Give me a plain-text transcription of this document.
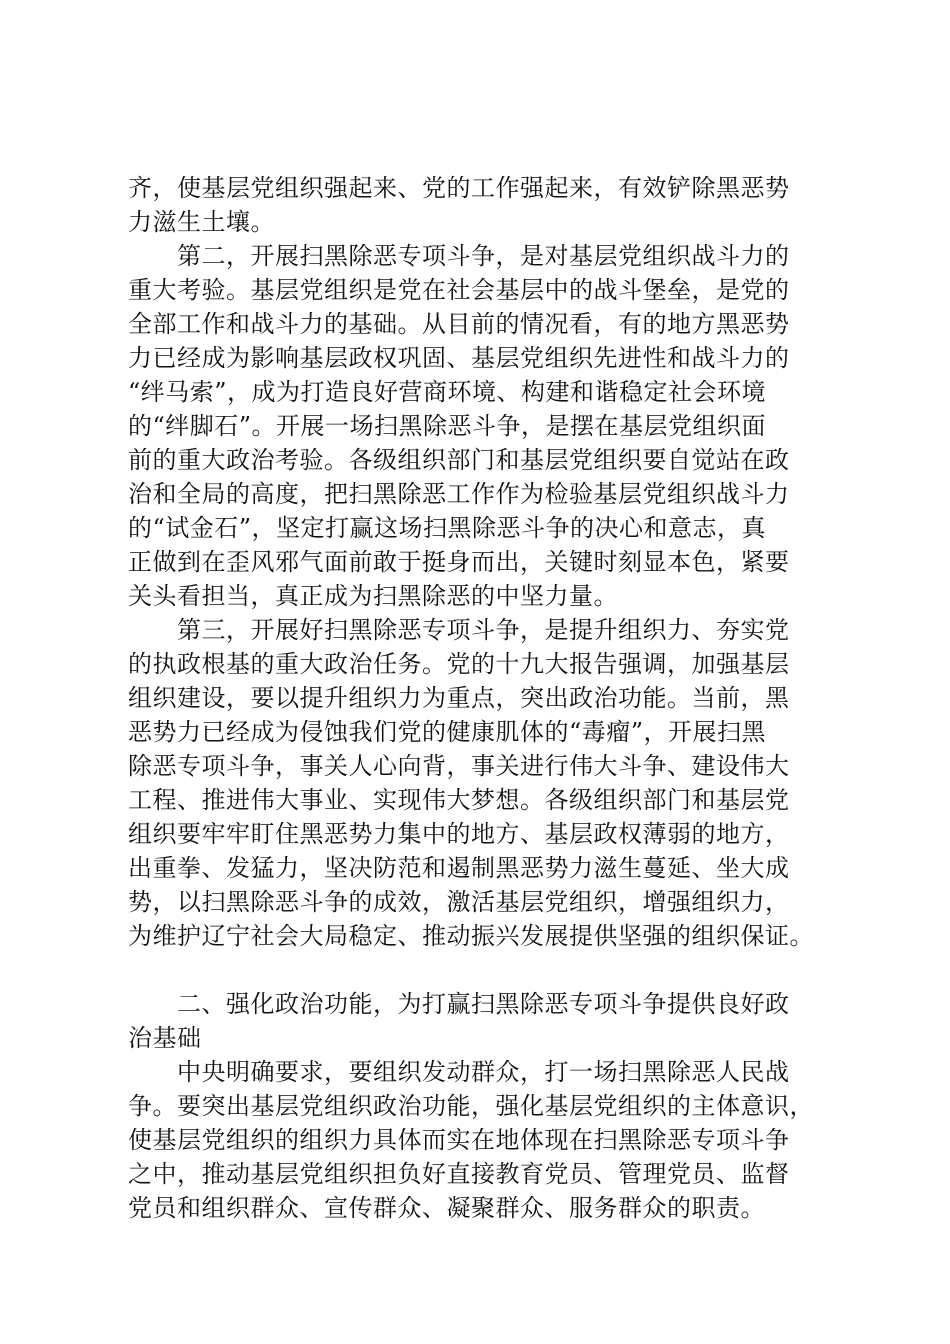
齐，使基层党组织强起来、党的工作强起来，有效铲除黑恶势
力滋生土壤。
　　第二，开展扫黑除恶专项斗争，是对基层党组织战斗力的
重大考验。基层党组织是党在社会基层中的战斗堡垒，是党的
全部工作和战斗力的基础。从目前的情况看，有的地方黑恶势
力已经成为影响基层政权巩固、基层党组织先进性和战斗力的
“绊马索”，成为打造良好营商环境、构建和谐稳定社会环境
的“绊脚石”。开展一场扫黑除恶斗争，是摆在基层党组织面
前的重大政治考验。各级组织部门和基层党组织要自觉站在政
治和全局的高度，把扫黑除恶工作作为检验基层党组织战斗力
的“试金石”，坚定打赢这场扫黑除恶斗争的决心和意志，真
正做到在歪风邪气面前敢于挺身而出，关键时刻显本色，紧要
关头看担当，真正成为扫黑除恶的中坚力量。
　　第三，开展好扫黑除恶专项斗争，是提升组织力、夯实党
的执政根基的重大政治任务。党的十九大报告强调，加强基层
组织建设，要以提升组织力为重点，突出政治功能。当前，黑
恶势力已经成为侵蚀我们党的健康肌体的“毒瘤”，开展扫黑
除恶专项斗争，事关人心向背，事关进行伟大斗争、建设伟大
工程、推进伟大事业、实现伟大梦想。各级组织部门和基层党
组织要牢牢盯住黑恶势力集中的地方、基层政权薄弱的地方，
出重拳、发猛力，坚决防范和遏制黑恶势力滋生蔓延、坐大成
势，以扫黑除恶斗争的成效，激活基层党组织，增强组织力，
为维护辽宁社会大局稳定、推动振兴发展提供坚强的组织保证。
　　二、强化政治功能，为打赢扫黑除恶专项斗争提供良好政
治基础
　　中央明确要求，要组织发动群众，打一场扫黑除恶人民战
争。要突出基层党组织政治功能，强化基层党组织的主体意识，
使基层党组织的组织力具体而实在地体现在扫黑除恶专项斗争
之中，推动基层党组织担负好直接教育党员、管理党员、监督
党员和组织群众、宣传群众、凝聚群众、服务群众的职责。
